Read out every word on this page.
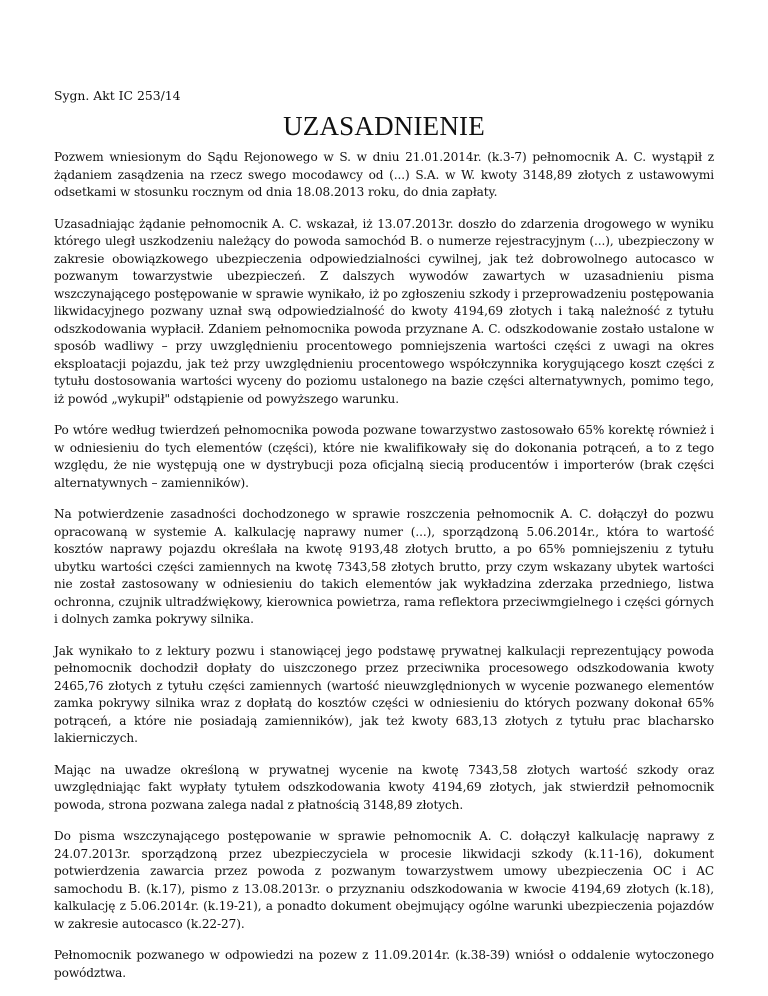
Sygn. Akt IC 253/14
UZASADNIENIE

Pozwem wniesionym do Sądu Rejonowego w S. w dniu 21.01.2014r. (k.3-7) pełnomocnik A. C. wystąpił z żądaniem zasądzenia na rzecz swego mocodawcy od (...) S.A. w W. kwoty 3148,89 złotych z ustawowymi odsetkami w stosunku rocznym od dnia 18.08.2013 roku, do dnia zapłaty.

Uzasadniając żądanie pełnomocnik A. C. wskazał, iż 13.07.2013r. doszło do zdarzenia drogowego w wyniku którego uległ uszkodzeniu należący do powoda samochód B. o numerze rejestracyjnym (...), ubezpieczony w zakresie obowiązkowego ubezpieczenia odpowiedzialności cywilnej, jak też dobrowolnego autocasco w pozwanym towarzystwie ubezpieczeń. Z dalszych wywodów zawartych w uzasadnieniu pisma wszczynającego postępowanie w sprawie wynikało, iż po zgłoszeniu szkody i przeprowadzeniu postępowania likwidacyjnego pozwany uznał swą odpowiedzialność do kwoty 4194,69 złotych i taką należność z tytułu odszkodowania wypłacił. Zdaniem pełnomocnika powoda przyznane A. C. odszkodowanie zostało ustalone w sposób wadliwy – przy uwzględnieniu procentowego pomniejszenia wartości części z uwagi na okres eksploatacji pojazdu, jak też przy uwzględnieniu procentowego współczynnika korygującego koszt części z tytułu dostosowania wartości wyceny do poziomu ustalonego na bazie części alternatywnych, pomimo tego, iż powód „wykupił" odstąpienie od powyższego warunku.

Po wtóre według twierdzeń pełnomocnika powoda pozwane towarzystwo zastosowało 65% korektę również i w odniesieniu do tych elementów (części), które nie kwalifikowały się do dokonania potrąceń, a to z tego względu, że nie występują one w dystrybucji poza oficjalną siecią producentów i importerów (brak części alternatywnych – zamienników).

Na potwierdzenie zasadności dochodzonego w sprawie roszczenia pełnomocnik A. C. dołączył do pozwu opracowaną w systemie A. kalkulację naprawy numer (...), sporządzoną 5.06.2014r., która to wartość kosztów naprawy pojazdu określała na kwotę 9193,48 złotych brutto, a po 65% pomniejszeniu z tytułu ubytku wartości części zamiennych na kwotę 7343,58 złotych brutto, przy czym wskazany ubytek wartości nie został zastosowany w odniesieniu do takich elementów jak wykładzina zderzaka przedniego, listwa ochronna, czujnik ultradźwiękowy, kierownica powietrza, rama reflektora przeciwmgielnego i części górnych i dolnych zamka pokrywy silnika.

Jak wynikało to z lektury pozwu i stanowiącej jego podstawę prywatnej kalkulacji reprezentujący powoda pełnomocnik dochodził dopłaty do uiszczonego przez przeciwnika procesowego odszkodowania kwoty 2465,76 złotych z tytułu części zamiennych (wartość nieuwzględnionych w wycenie pozwanego elementów zamka pokrywy silnika wraz z dopłatą do kosztów części w odniesieniu do których pozwany dokonał 65% potrąceń, a które nie posiadają zamienników), jak też kwoty 683,13 złotych z tytułu prac blacharsko lakierniczych.

Mając na uwadze określoną w prywatnej wycenie na kwotę 7343,58 złotych wartość szkody oraz uwzględniając fakt wypłaty tytułem odszkodowania kwoty 4194,69 złotych, jak stwierdził pełnomocnik powoda, strona pozwana zalega nadal z płatnością 3148,89 złotych.

Do pisma wszczynającego postępowanie w sprawie pełnomocnik A. C. dołączył kalkulację naprawy z 24.07.2013r. sporządzoną przez ubezpieczyciela w procesie likwidacji szkody (k.11-16), dokument potwierdzenia zawarcia przez powoda z pozwanym towarzystwem umowy ubezpieczenia OC i AC samochodu B. (k.17), pismo z 13.08.2013r. o przyznaniu odszkodowania w kwocie 4194,69 złotych (k.18), kalkulację z 5.06.2014r. (k.19-21), a ponadto dokument obejmujący ogólne warunki ubezpieczenia pojazdów w zakresie autocasco (k.22-27).

Pełnomocnik pozwanego w odpowiedzi na pozew z 11.09.2014r. (k.38-39) wniósł o oddalenie wytoczonego powództwa.
